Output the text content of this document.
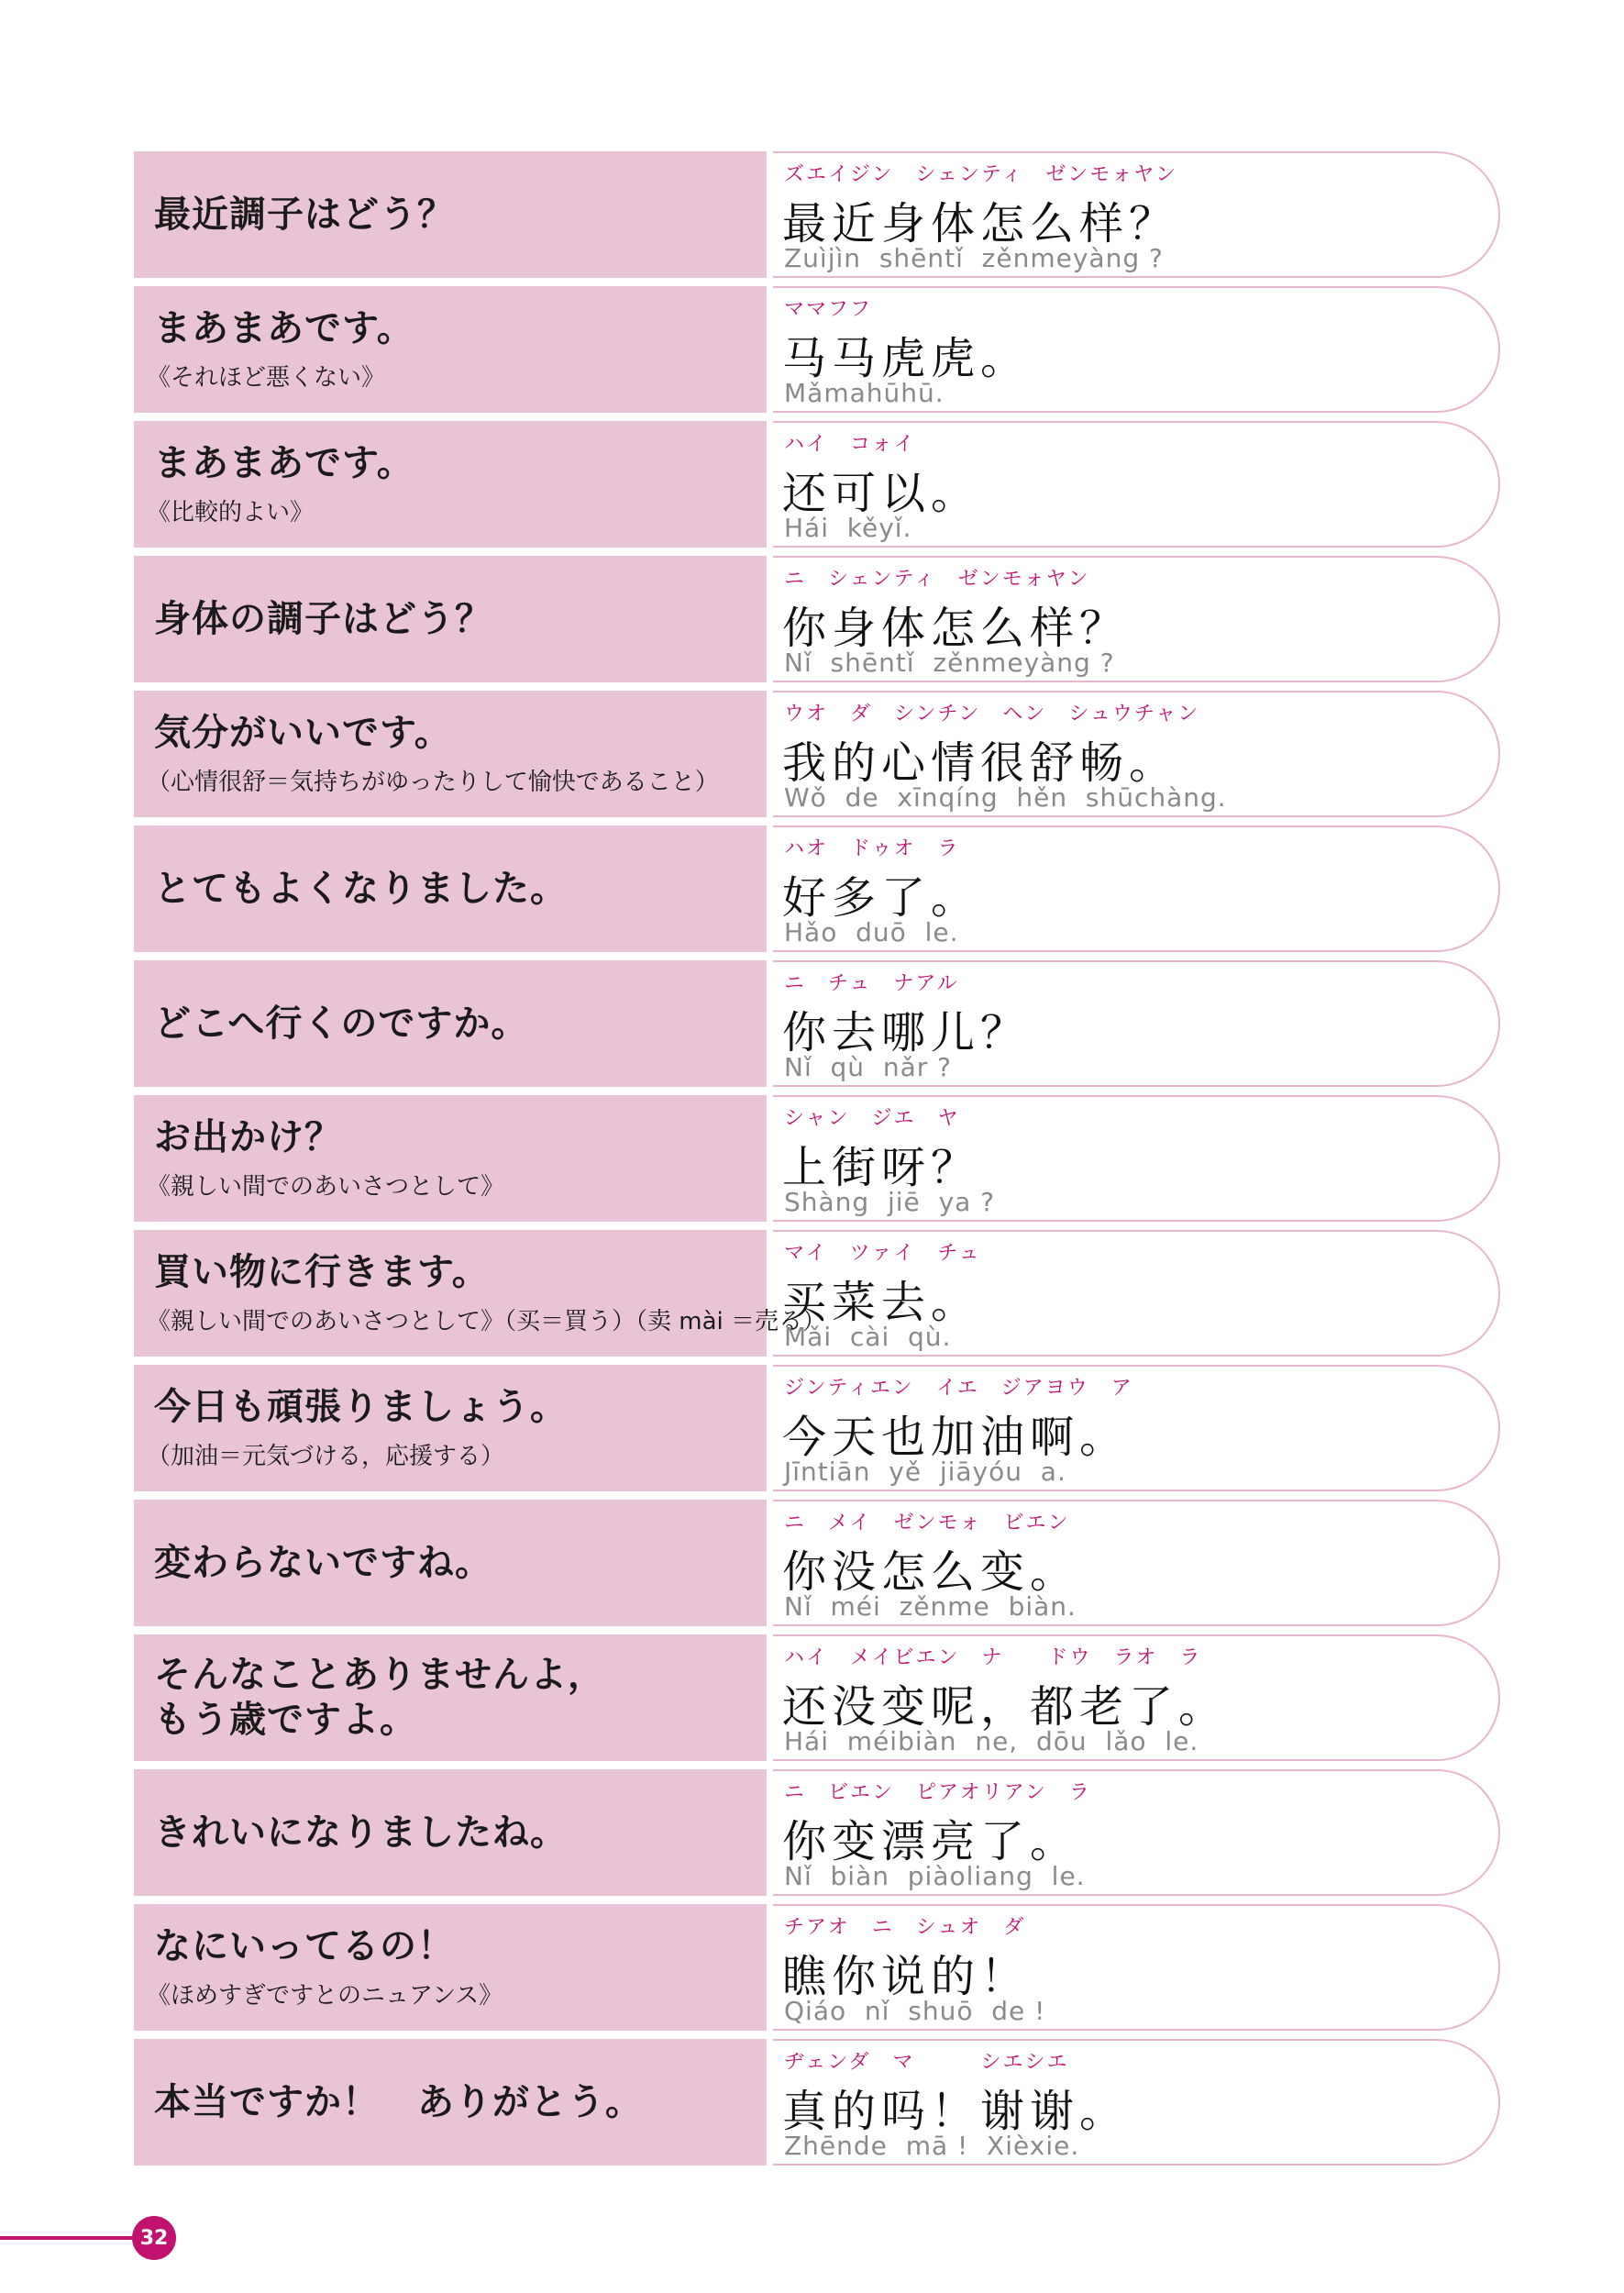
最近調子はどう？
ズエイジン　シェンティ　ゼンモォヤン
最近身体怎么样？
Zuìjìn  shēntǐ  zěnmeyàng ?
まあまあです。
《それほど悪くない》
ママフフ
马马虎虎。
Mǎmahūhū.
まあまあです。
《比較的よい》
ハイ　コォイ
还可以。
Hái  kěyǐ.
身体の調子はどう？
ニ　シェンティ　ゼンモォヤン
你身体怎么样？
Nǐ  shēntǐ  zěnmeyàng ?
気分がいいです。
（心情很舒＝気持ちがゆったりして愉快であること）
ウオ　ダ　シンチン　ヘン　シュウチャン
我的心情很舒畅。
Wǒ  de  xīnqíng  hěn  shūchàng.
とてもよくなりました。
ハオ　ドゥオ　ラ
好多了。
Hǎo  duō  le.
どこへ行くのですか。
ニ　チュ　ナアル
你去哪儿？
Nǐ  qù  nǎr ?
お出かけ？
《親しい間でのあいさつとして》
シャン　ジエ　ヤ
上街呀？
Shàng  jiē  ya ?
買い物に行きます。
《親しい間でのあいさつとして》（买＝買う）（卖 mài ＝売る）
マイ　ツァイ　チュ
买菜去。
Mǎi  cài  qù.
今日も頑張りましょう。
（加油＝元気づける，応援する）
ジンティエン　イエ　ジアヨウ　ア
今天也加油啊。
Jīntiān  yě  jiāyóu  a.
変わらないですね。
ニ　メイ　ゼンモォ　ビエン
你没怎么变。
Nǐ  méi  zěnme  biàn.
そんなことありませんよ，
もう歳ですよ。
ハイ　メイビエン　ナ　　ドウ　ラオ　ラ
还没变呢，都老了。
Hái  méibiàn  ne,  dōu  lǎo  le.
きれいになりましたね。
ニ　ビエン　ピアオリアン　ラ
你变漂亮了。
Nǐ  biàn  piàoliang  le.
なにいってるの！
《ほめすぎですとのニュアンス》
チアオ　ニ　シュオ　ダ
瞧你说的！
Qiáo  nǐ  shuō  de !
本当ですか！　ありがとう。
ヂェンダ　マ　　　シエシエ
真的吗！谢谢。
Zhēnde  mā !  Xièxie.
32
